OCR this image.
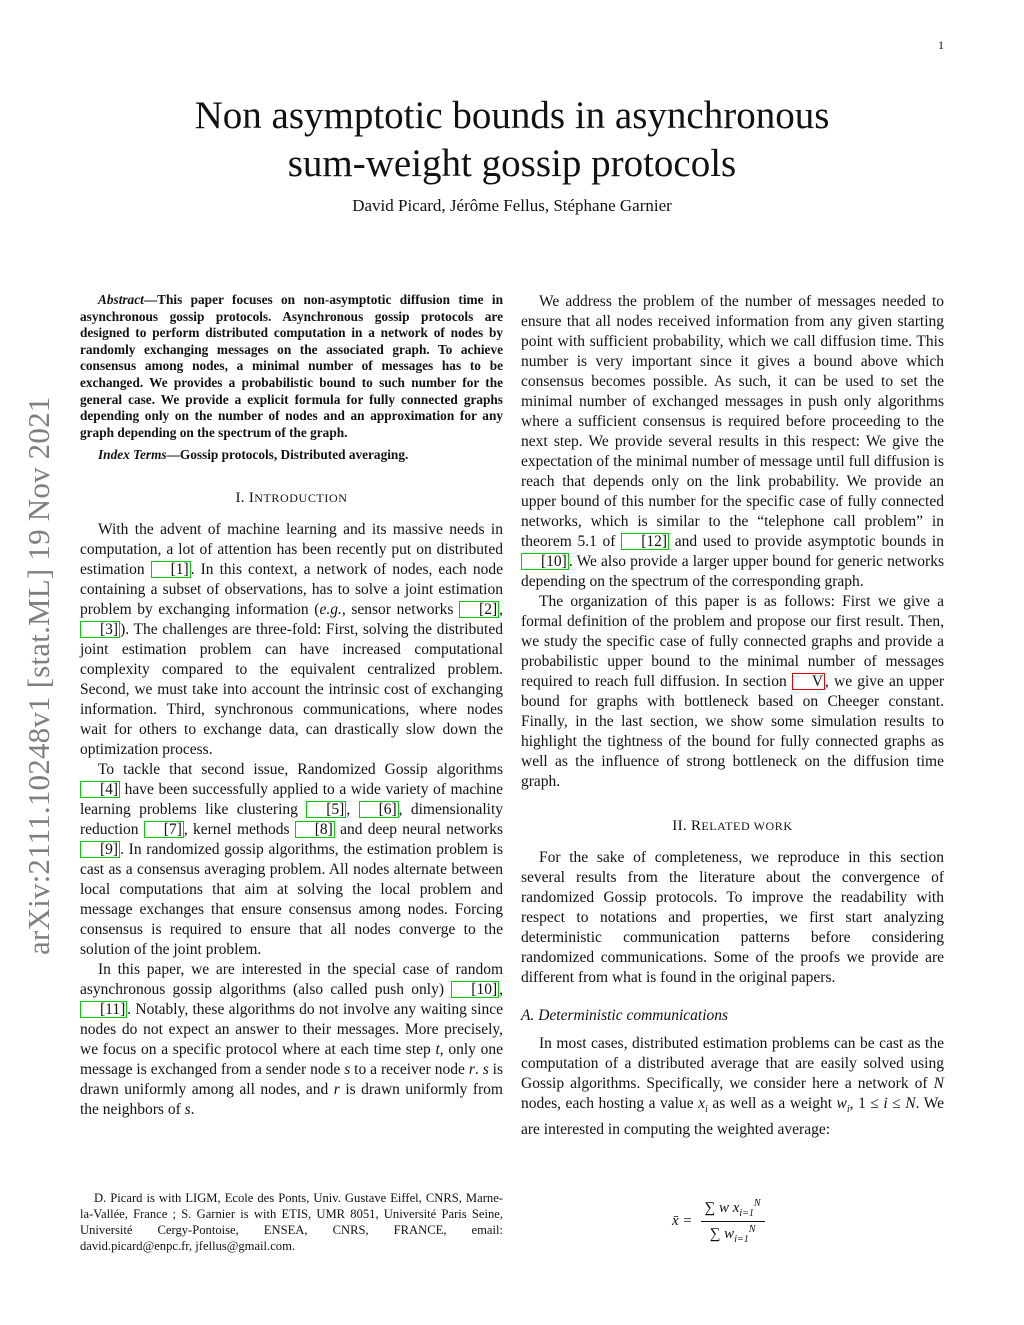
1
arXiv:2111.10248v1 [stat.ML] 19 Nov 2021
Non asymptotic bounds in asynchronous
sum-weight gossip protocols
David Picard, Jérôme Fellus, Stéphane Garnier

Abstract—This paper focuses on non-asymptotic diffusion time in asynchronous gossip protocols. Asynchronous gossip protocols are designed to perform distributed computation in a network of nodes by randomly exchanging messages on the associated graph. To achieve consensus among nodes, a minimal number of messages has to be exchanged. We provides a probabilistic bound to such number for the general case. We provide a explicit formula for fully connected graphs depending only on the number of nodes and an approximation for any graph depending on the spectrum of the graph.

Index Terms—Gossip protocols, Distributed averaging.

I. INTRODUCTION

With the advent of machine learning and its massive needs in computation, a lot of attention has been recently put on distributed estimation [1] . In this context, a network of nodes, each node containing a subset of observations, has to solve a joint estimation problem by exchanging information (e.g., sensor networks [2] , [3] ). The challenges are three-fold: First, solving the distributed joint estimation problem can have increased computational complexity compared to the equivalent centralized problem. Second, we must take into account the intrinsic cost of exchanging information. Third, synchronous communications, where nodes wait for others to exchange data, can drastically slow down the optimization process.

To tackle that second issue, Randomized Gossip algorithms [4] have been successfully applied to a wide variety of machine learning problems like clustering [5] , [6] , dimensionality reduction [7] , kernel methods [8] and deep neural networks [9] . In randomized gossip algorithms, the estimation problem is cast as a consensus averaging problem. All nodes alternate between local computations that aim at solving the local problem and message exchanges that ensure consensus among nodes. Forcing consensus is required to ensure that all nodes converge to the solution of the joint problem.

In this paper, we are interested in the special case of random asynchronous gossip algorithms (also called push only) [10] , [11] . Notably, these algorithms do not involve any waiting since nodes do not expect an answer to their messages. More precisely, we focus on a specific protocol where at each time step t, only one message is exchanged from a sender node s to a receiver node r. s is drawn uniformly among all nodes, and r is drawn uniformly from the neighbors of s.

D. Picard is with LIGM, Ecole des Ponts, Univ. Gustave Eiffel, CNRS, Marne-la-Vallée, France ; S. Garnier is with ETIS, UMR 8051, Université Paris Seine, Université Cergy-Pontoise, ENSEA, CNRS, FRANCE, email: david.picard@enpc.fr, jfellus@gmail.com.

We address the problem of the number of messages needed to ensure that all nodes received information from any given starting point with sufficient probability, which we call diffusion time. This number is very important since it gives a bound above which consensus becomes possible. As such, it can be used to set the minimal number of exchanged messages in push only algorithms where a sufficient consensus is required before proceeding to the next step. We provide several results in this respect: We give the expectation of the minimal number of message until full diffusion is reach that depends only on the link probability. We provide an upper bound of this number for the specific case of fully connected networks, which is similar to the “telephone call problem” in theorem 5.1 of [12] and used to provide asymptotic bounds in [10] . We also provide a larger upper bound for generic networks depending on the spectrum of the corresponding graph.

The organization of this paper is as follows: First we give a formal definition of the problem and propose our first result. Then, we study the specific case of fully connected graphs and provide a probabilistic upper bound to the minimal number of messages required to reach full diffusion. In section V , we give an upper bound for graphs with bottleneck based on Cheeger constant. Finally, in the last section, we show some simulation results to highlight the tightness of the bound for fully connected graphs as well as the influence of strong bottleneck on the diffusion time graph.

II. RELATED WORK

For the sake of completeness, we reproduce in this section several results from the literature about the convergence of randomized Gossip protocols. To improve the readability with respect to notations and properties, we first start analyzing deterministic communication patterns before considering randomized communications. Some of the proofs we provide are different from what is found in the original papers.

A. Deterministic communications

In most cases, distributed estimation problems can be cast as the computation of a distributed average that are easily solved using Gossip algorithms. Specifically, we consider here a network of N nodes, each hosting a value $x_i$ as well as a weight $w_i$, 1 ≤ i ≤ N. We are interested in computing the weighted average:

x̄ = $\frac{\sum w x_{i=1}^N}{\sum w_{i=1}^N}$
